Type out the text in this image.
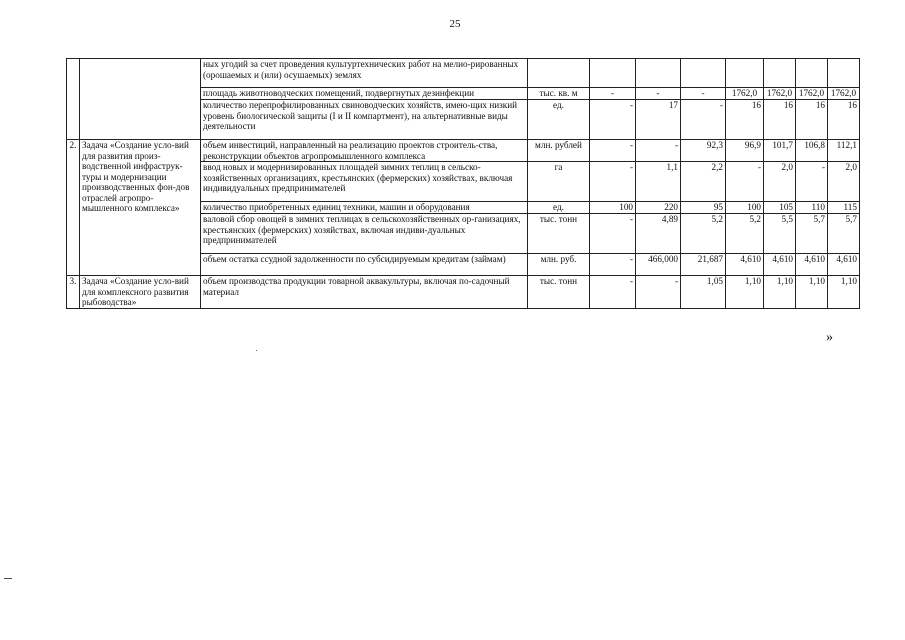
25
		ных угодий за счет проведения культуртехнических работ на мелио-рированных (орошаемых и (или) осушаемых) землях								
		площадь животноводческих помещений, подвергнутых дезинфекции	тыс. кв. м	-	-	-	1762,0	1762,0	1762,0	1762,0
		количество перепрофилированных свиноводческих хозяйств, имею-щих низкий уровень биологической защиты (I и II компартмент), на альтернативные виды деятельности	ед.	-	17	-	16	16	16	16
2.	Задача «Создание усло-вий для развития произ-водственной инфраструк-туры и модернизации производственных фон-дов отраслей агропро-мышленного комплекса»	объем инвестиций, направленный на реализацию проектов строитель-ства, реконструкции объектов агропромышленного комплекса	млн. рублей	-	-	92,3	96,9	101,7	106,8	112,1
		ввод новых и модернизированных площадей зимних теплиц в сельско-хозяйственных организациях, крестьянских (фермерских) хозяйствах, включая индивидуальных предпринимателей	га	-	1,1	2,2	-	2,0	-	2,0
		количество приобретенных единиц техники, машин и оборудования	ед.	100	220	95	100	105	110	115
		валовой сбор овощей в зимних теплицах в сельскохозяйственных ор-ганизациях, крестьянских (фермерских) хозяйствах, включая индиви-дуальных предпринимателей	тыс. тонн	-	4,89	5,2	5,2	5,5	5,7	5,7
		объем остатка ссудной задолженности по субсидируемым кредитам (займам)	млн. руб.	-	466,000	21,687	4,610	4,610	4,610	4,610
3.	Задача «Создание усло-вий для комплексного развития рыбоводства»	объем производства продукции товарной аквакультуры, включая по-садочный материал	тыс. тонн	-	-	1,05	1,10	1,10	1,10	1,10
»
